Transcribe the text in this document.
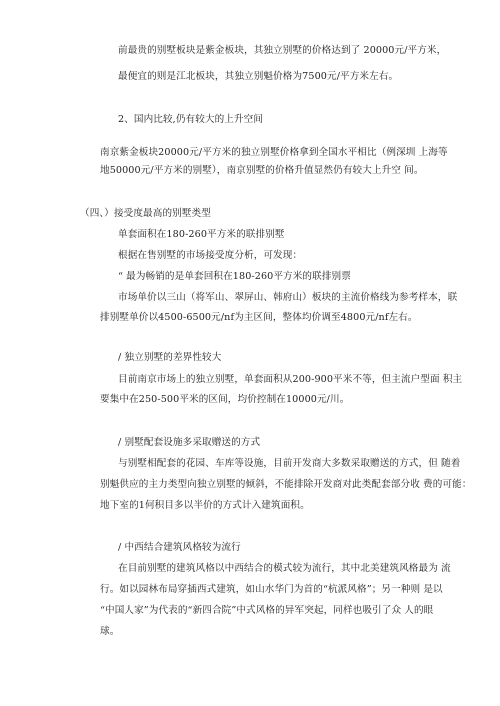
前最贵的别墅板块是紫金板块，其独立别墅的价格达到了 20000元/平方米，
最便宜的则是江北板块，其独立别魁价格为7500元/平方米左右。
2、国内比较,仍有较大的上升空间
南京紫金板块20000元/平方米的独立别墅价格拿到全国水平相比（例深圳 上海等
地50000元/平方米的别墅），南京别墅的价格升值显然仍有较大上升空 间。
（四、）接受度最高的别墅类型
单套面积在180-260平方米的联排别墅
根据在售别墅的市场接受度分析，可发现：
“ 最为畅销的是单套回积在180-260平方米的联排别票
市场单价以三山（将军山、翠屏山、韩府山）板块的主流价格线为参考样本，联
排别墅单价以4500-6500元/nf为主区间，整体均价调至4800元/nf左右。
/ 独立别墅的差界性较大
目前南京市场上的独立别墅，单套面积从200-900平米不等，但主流户型面 积主
要集中在250-500平米的区间，均价控制在10000元/川。
/ 别墅配套设施多采取赠送的方式
与别墅相配套的花园、车库等设施，目前开发商大多数采取赠送的方式，但 随着
别魁供应的主力类型向独立别墅的倾斜，不能排除开发商对此类配套部分收 费的可能：
地下室的1何积目多以半价的方式计入建筑面积。
/ 中西结合建筑风格较为流行
在目前别墅的建筑风格以中西结合的模式较为流行，其中北美建筑风格最为 流
行。如以园林布局穿插西式建筑，如山水华门为首的“杭派风格”；另一种则 是以
“中国人家”为代表的“新四合院”中式风格的异军突起，同样也吸引了众 人的眼
球。
